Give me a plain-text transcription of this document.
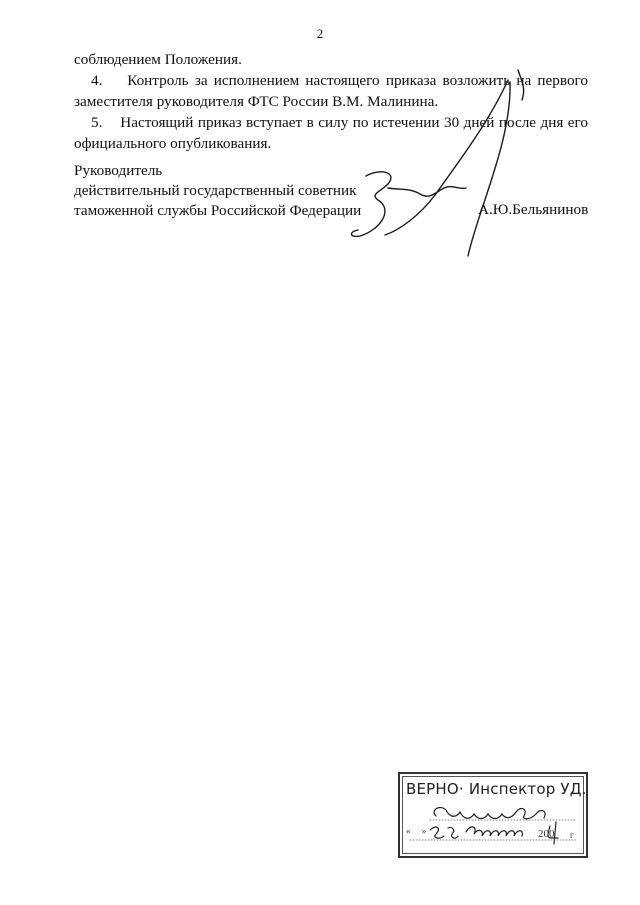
2
соблюдением Положения.
4.    Контроль за исполнением настоящего приказа возложить на первого
заместителя руководителя ФТС России В.М. Малинина.
5.    Настоящий приказ вступает в силу по истечении 30 дней после дня его
официального опубликования.
Руководитель
действительный государственный советник
таможенной службы Российской Федерации	А.Ю.Бельянинов
ВЕРНО· Инспектор УД.
«     »	200 г
